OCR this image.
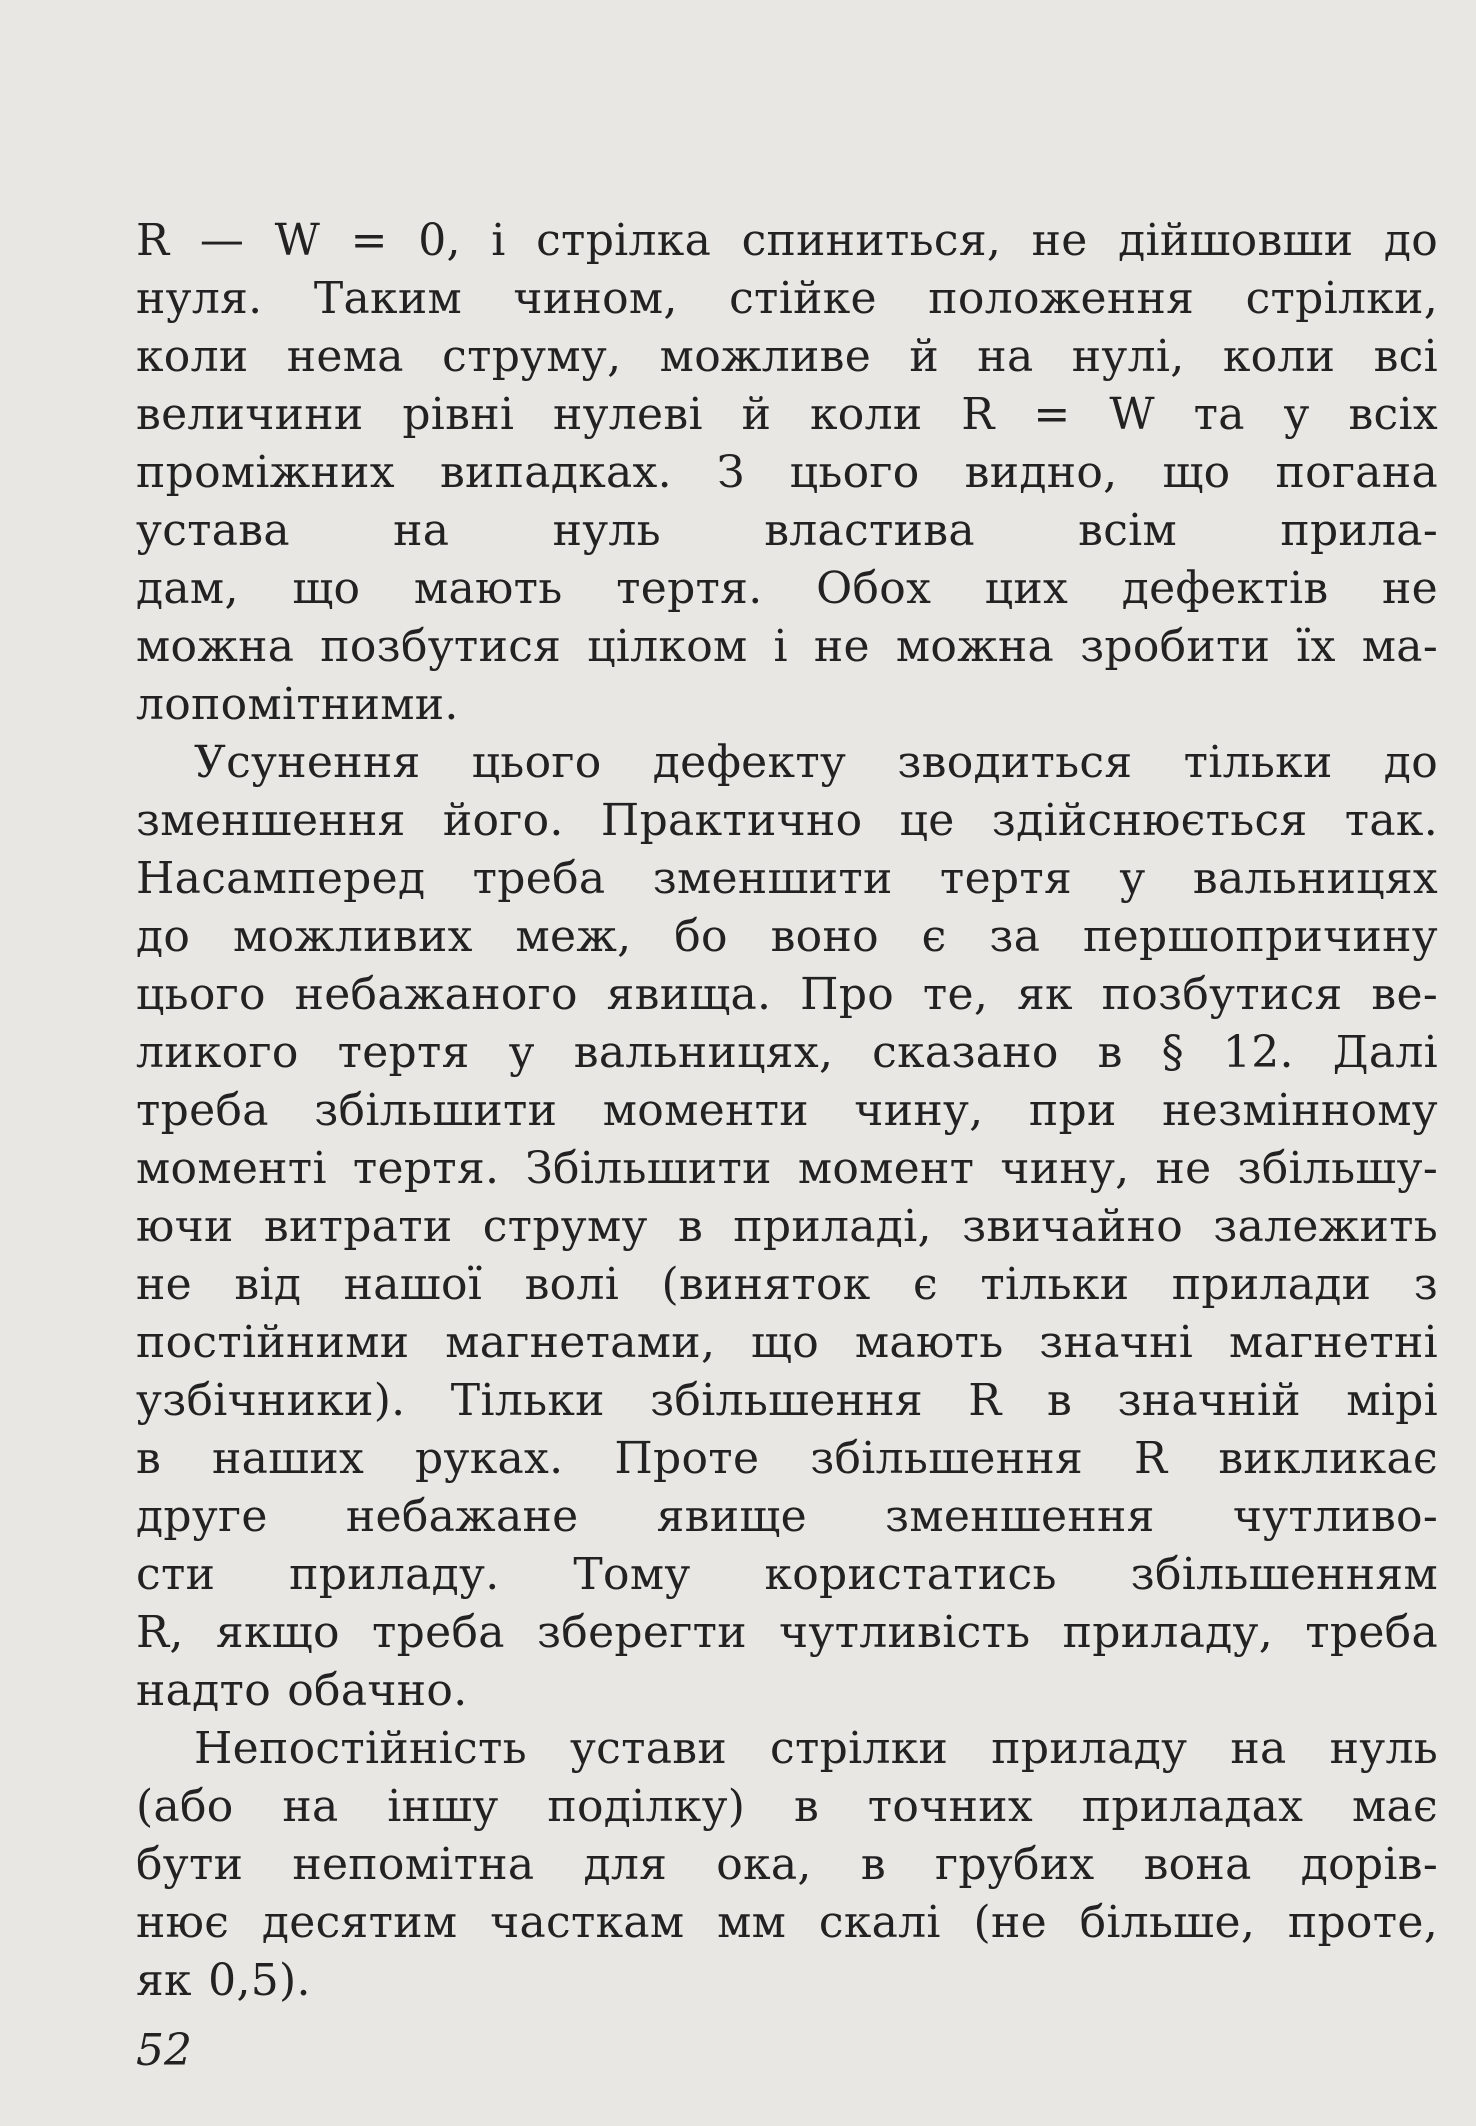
R — W = 0, і стрілка спиниться, не дійшовши до
нуля. Таким чином, стійке положення стрілки,
коли нема струму, можливе й на нулі, коли всі
величини рівні нулеві й коли R = W та у всіх
проміжних випадках. З цього видно, що погана
устава на нуль властива всім прила-
дам, що мають тертя. Обох цих дефектів не
можна позбутися цілком і не можна зробити їх ма-
лопомітними.
Усунення цього дефекту зводиться тільки до
зменшення його. Практично це здійснюється так.
Насамперед треба зменшити тертя у вальницях
до можливих меж, бо воно є за першопричину
цього небажаного явища. Про те, як позбутися ве-
ликого тертя у вальницях, сказано в § 12. Далі
треба збільшити моменти чину, при незмінному
моменті тертя. Збільшити момент чину, не збільшу-
ючи витрати струму в приладі, звичайно залежить
не від нашої волі (виняток є тільки прилади з
постійними магнетами, що мають значні магнетні
узбічники). Тільки збільшення R в значній мірі
в наших руках. Проте збільшення R викликає
друге небажане явище зменшення чутливо-
сти приладу. Тому користатись збільшенням
R, якщо треба зберегти чутливість приладу, треба
надто обачно.
Непостійність устави стрілки приладу на нуль
(або на іншу поділку) в точних приладах має
бути непомітна для ока, в грубих вона дорів-
нює десятим часткам мм скалі (не більше, проте,
як 0,5).
52
